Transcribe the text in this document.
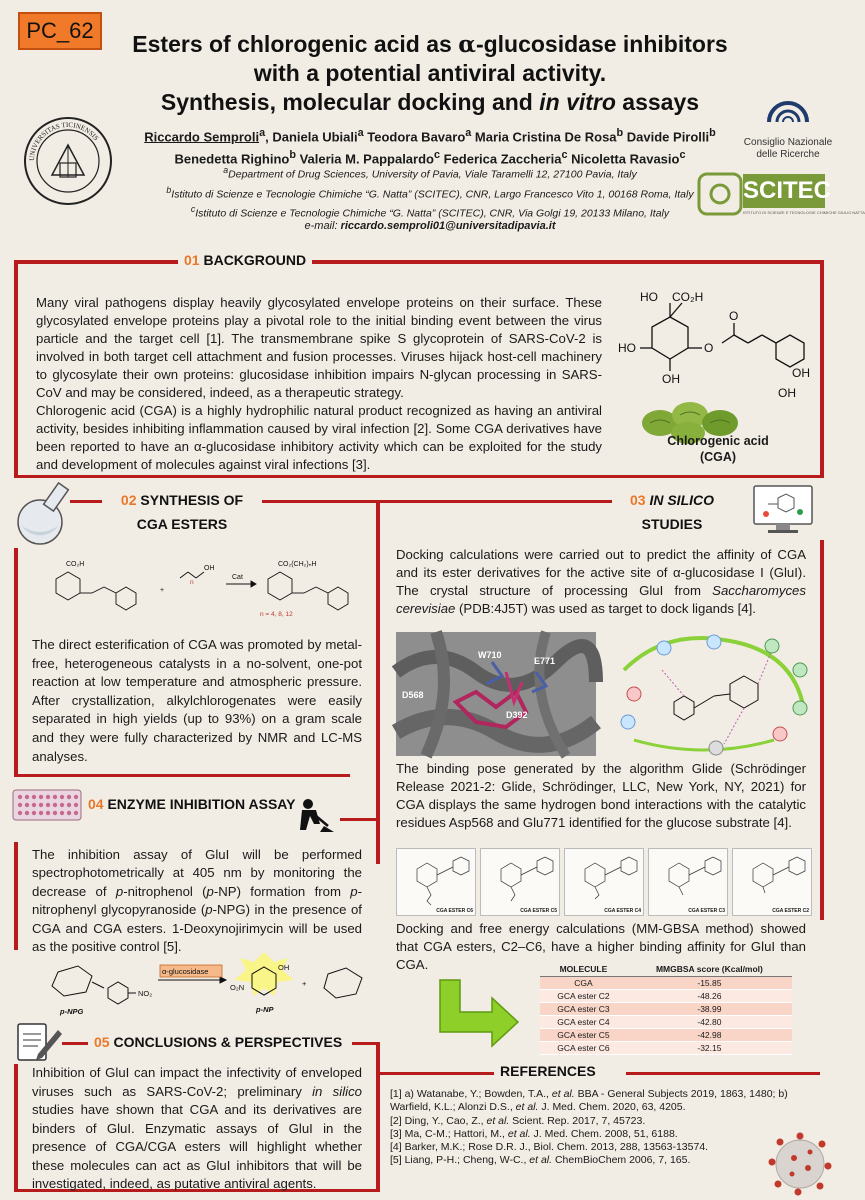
PC_62
UNIVERSITAS TICINENSIS
Esters of chlorogenic acid as α-glucosidase inhibitors
with a potential antiviral activity.
Synthesis, molecular docking and in vitro assays
Riccardo Semproli$^a$, Daniela Ubiali$^a$ Teodora Bavaro$^a$ Maria Cristina De Rosa$^b$ Davide Pirolli$^b$
Benedetta Righino$^b$ Valeria M. Pappalardo$^c$ Federica Zaccheria$^c$ Nicoletta Ravasio$^c$
$^a$Department of Drug Sciences, University of Pavia, Viale Taramelli 12, 27100 Pavia, Italy
$^b$Istituto di Scienze e Tecnologie Chimiche “G. Natta” (SCITEC), CNR, Largo Francesco Vito 1, 00168 Roma, Italy
$^c$Istituto di Scienze e Tecnologie Chimiche “G. Natta” (SCITEC), CNR, Via Golgi 19, 20133 Milano, Italy
e-mail: riccardo.semproli01@universitadipavia.it
Consiglio Nazionale
delle Ricerche
SCITEC
ISTITUTO DI SCIENZE E TECNOLOGIE CHIMICHE GIULIO NATTA
01 BACKGROUND
Many viral pathogens display heavily glycosylated envelope proteins on their surface. These glycosylated envelope proteins play a pivotal role to the initial binding event between the virus particle and the target cell [1]. The transmembrane spike S glycoprotein of SARS-CoV-2 is involved in both target cell attachment and fusion processes. Viruses hijack host-cell machinery to glycosylate their own proteins: glucosidase inhibition impairs N-glycan processing in SARS-CoV and may be considered, indeed, as a therapeutic strategy.
Chlorogenic acid (CGA) is a highly hydrophilic natural product recognized as having an antiviral activity, besides inhibiting inflammation caused by viral infection [2]. Some CGA derivatives have been reported to have an α-glucosidase inhibitory activity which can be exploited for the study and development of molecules against viral infections [3].
HO CO₂H O O HO OH	OH OH
Chlorogenic acid
(CGA)
02 SYNTHESIS OF
CGA ESTERS
CO₂H + OH Cat CO₂(CH₂)ₙH
n n = 4, 8, 12
The direct esterification of CGA was promoted by metal-free, heterogeneous catalysts in a no-solvent, one-pot reaction at low temperature and atmospheric pressure. After crystallization, alkylchlorogenates were easily separated in high yields (up to 93%) on a gram scale and they were fully characterized by NMR and LC-MS analyses.
04 ENZYME INHIBITION ASSAY
The inhibition assay of GluI will be performed spectrophotometrically at 405 nm by monitoring the decrease of p-nitrophenol (p-NP) formation from p-nitrophenyl glycopyranoside (p-NPG) in the presence of CGA and CGA esters. 1-Deoxynojirimycin will be used as the positive control [5].
α-glucosidase NO₂ O₂N OH +
p-NPG	p-NP
05 CONCLUSIONS & PERSPECTIVES
Inhibition of GluI can impact the infectivity of enveloped viruses such as SARS-CoV-2; preliminary in silico studies have shown that CGA and its derivatives are binders of GluI. Enzymatic assays of GluI in the presence of CGA/CGA esters will highlight whether these molecules can act as GluI inhibitors that will be investigated, indeed, as putative antiviral agents.
03 IN SILICO
STUDIES
Docking calculations were carried out to predict the affinity of CGA and its ester derivatives for the active site of α-glucosidase I (GluI). The crystal structure of processing GluI from Saccharomyces cerevisiae (PDB:4J5T) was used as target to dock ligands [4].
W710
E771
D568
D392
The binding pose generated by the algorithm Glide (Schrödinger Release 2021-2: Glide, Schrödinger, LLC, New York, NY, 2021) for CGA displays the same hydrogen bond interactions with the catalytic residues Asp568 and Glu771 identified for the glucose substrate [4].
CGA ESTER C6	CGA ESTER C5	CGA ESTER C4	CGA ESTER C3	CGA ESTER C2
Docking and free energy calculations (MM-GBSA method) showed that CGA esters, C2–C6, have a higher binding affinity for GluI than CGA.	MOLECULE	MMGBSA score (Kcal/mol)
CGA	-15.85
GCA ester C2	-48.26
GCA ester C3	-38.99
GCA ester C4	-42.80
GCA ester C5	-42.98
GCA ester C6	-32.15
REFERENCES
[1] a) Watanabe, Y.; Bowden, T.A., et al. BBA - General Subjects 2019, 1863, 1480; b) Warfield, K.L.; Alonzi D.S., et al. J. Med. Chem. 2020, 63, 4205.
[2] Ding, Y., Cao, Z., et al. Scient. Rep. 2017, 7, 45723.
[3] Ma, C-M.; Hattori, M., et al. J. Med. Chem. 2008, 51, 6188.
[4] Barker, M.K.; Rose D.R. J., Biol. Chem. 2013, 288, 13563-13574.
[5] Liang, P-H.; Cheng, W-C., et al. ChemBioChem 2006, 7, 165.
